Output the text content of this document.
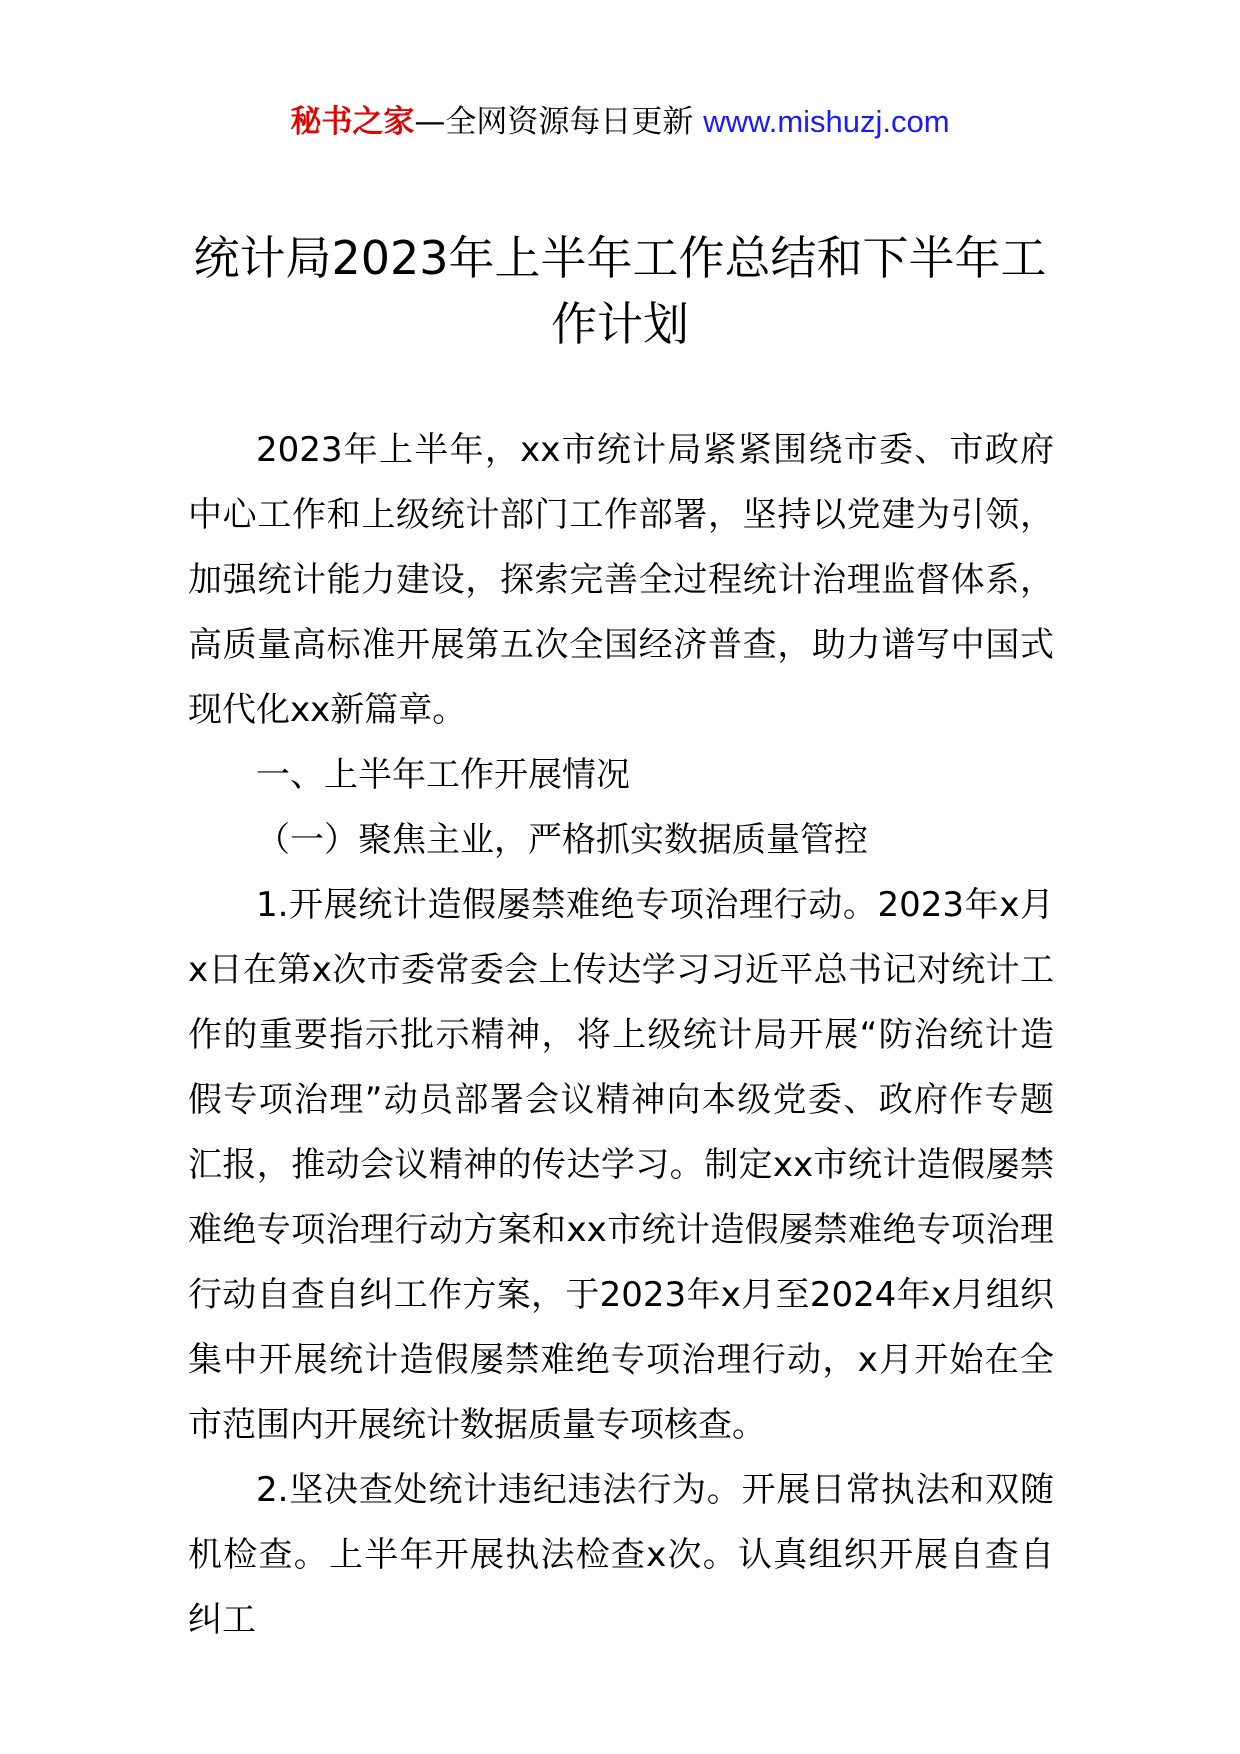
秘书之家—全网资源每日更新 www.mishuzj.com
统计局2023年上半年工作总结和下半年工作计划

2023年上半年，xx市统计局紧紧围绕市委、市政府中心工作和上级统计部门工作部署，坚持以党建为引领，加强统计能力建设，探索完善全过程统计治理监督体系，高质量高标准开展第五次全国经济普查，助力谱写中国式现代化xx新篇章。

一、上半年工作开展情况

（一）聚焦主业，严格抓实数据质量管控

1.开展统计造假屡禁难绝专项治理行动。2023年x月x日在第x次市委常委会上传达学习习近平总书记对统计工作的重要指示批示精神，将上级统计局开展“防治统计造假专项治理”动员部署会议精神向本级党委、政府作专题汇报，推动会议精神的传达学习。制定xx市统计造假屡禁难绝专项治理行动方案和xx市统计造假屡禁难绝专项治理行动自查自纠工作方案，于2023年x月至2024年x月组织集中开展统计造假屡禁难绝专项治理行动，x月开始在全市范围内开展统计数据质量专项核查。

2.坚决查处统计违纪违法行为。开展日常执法和双随机检查。上半年开展执法检查x次。认真组织开展自查自纠工
